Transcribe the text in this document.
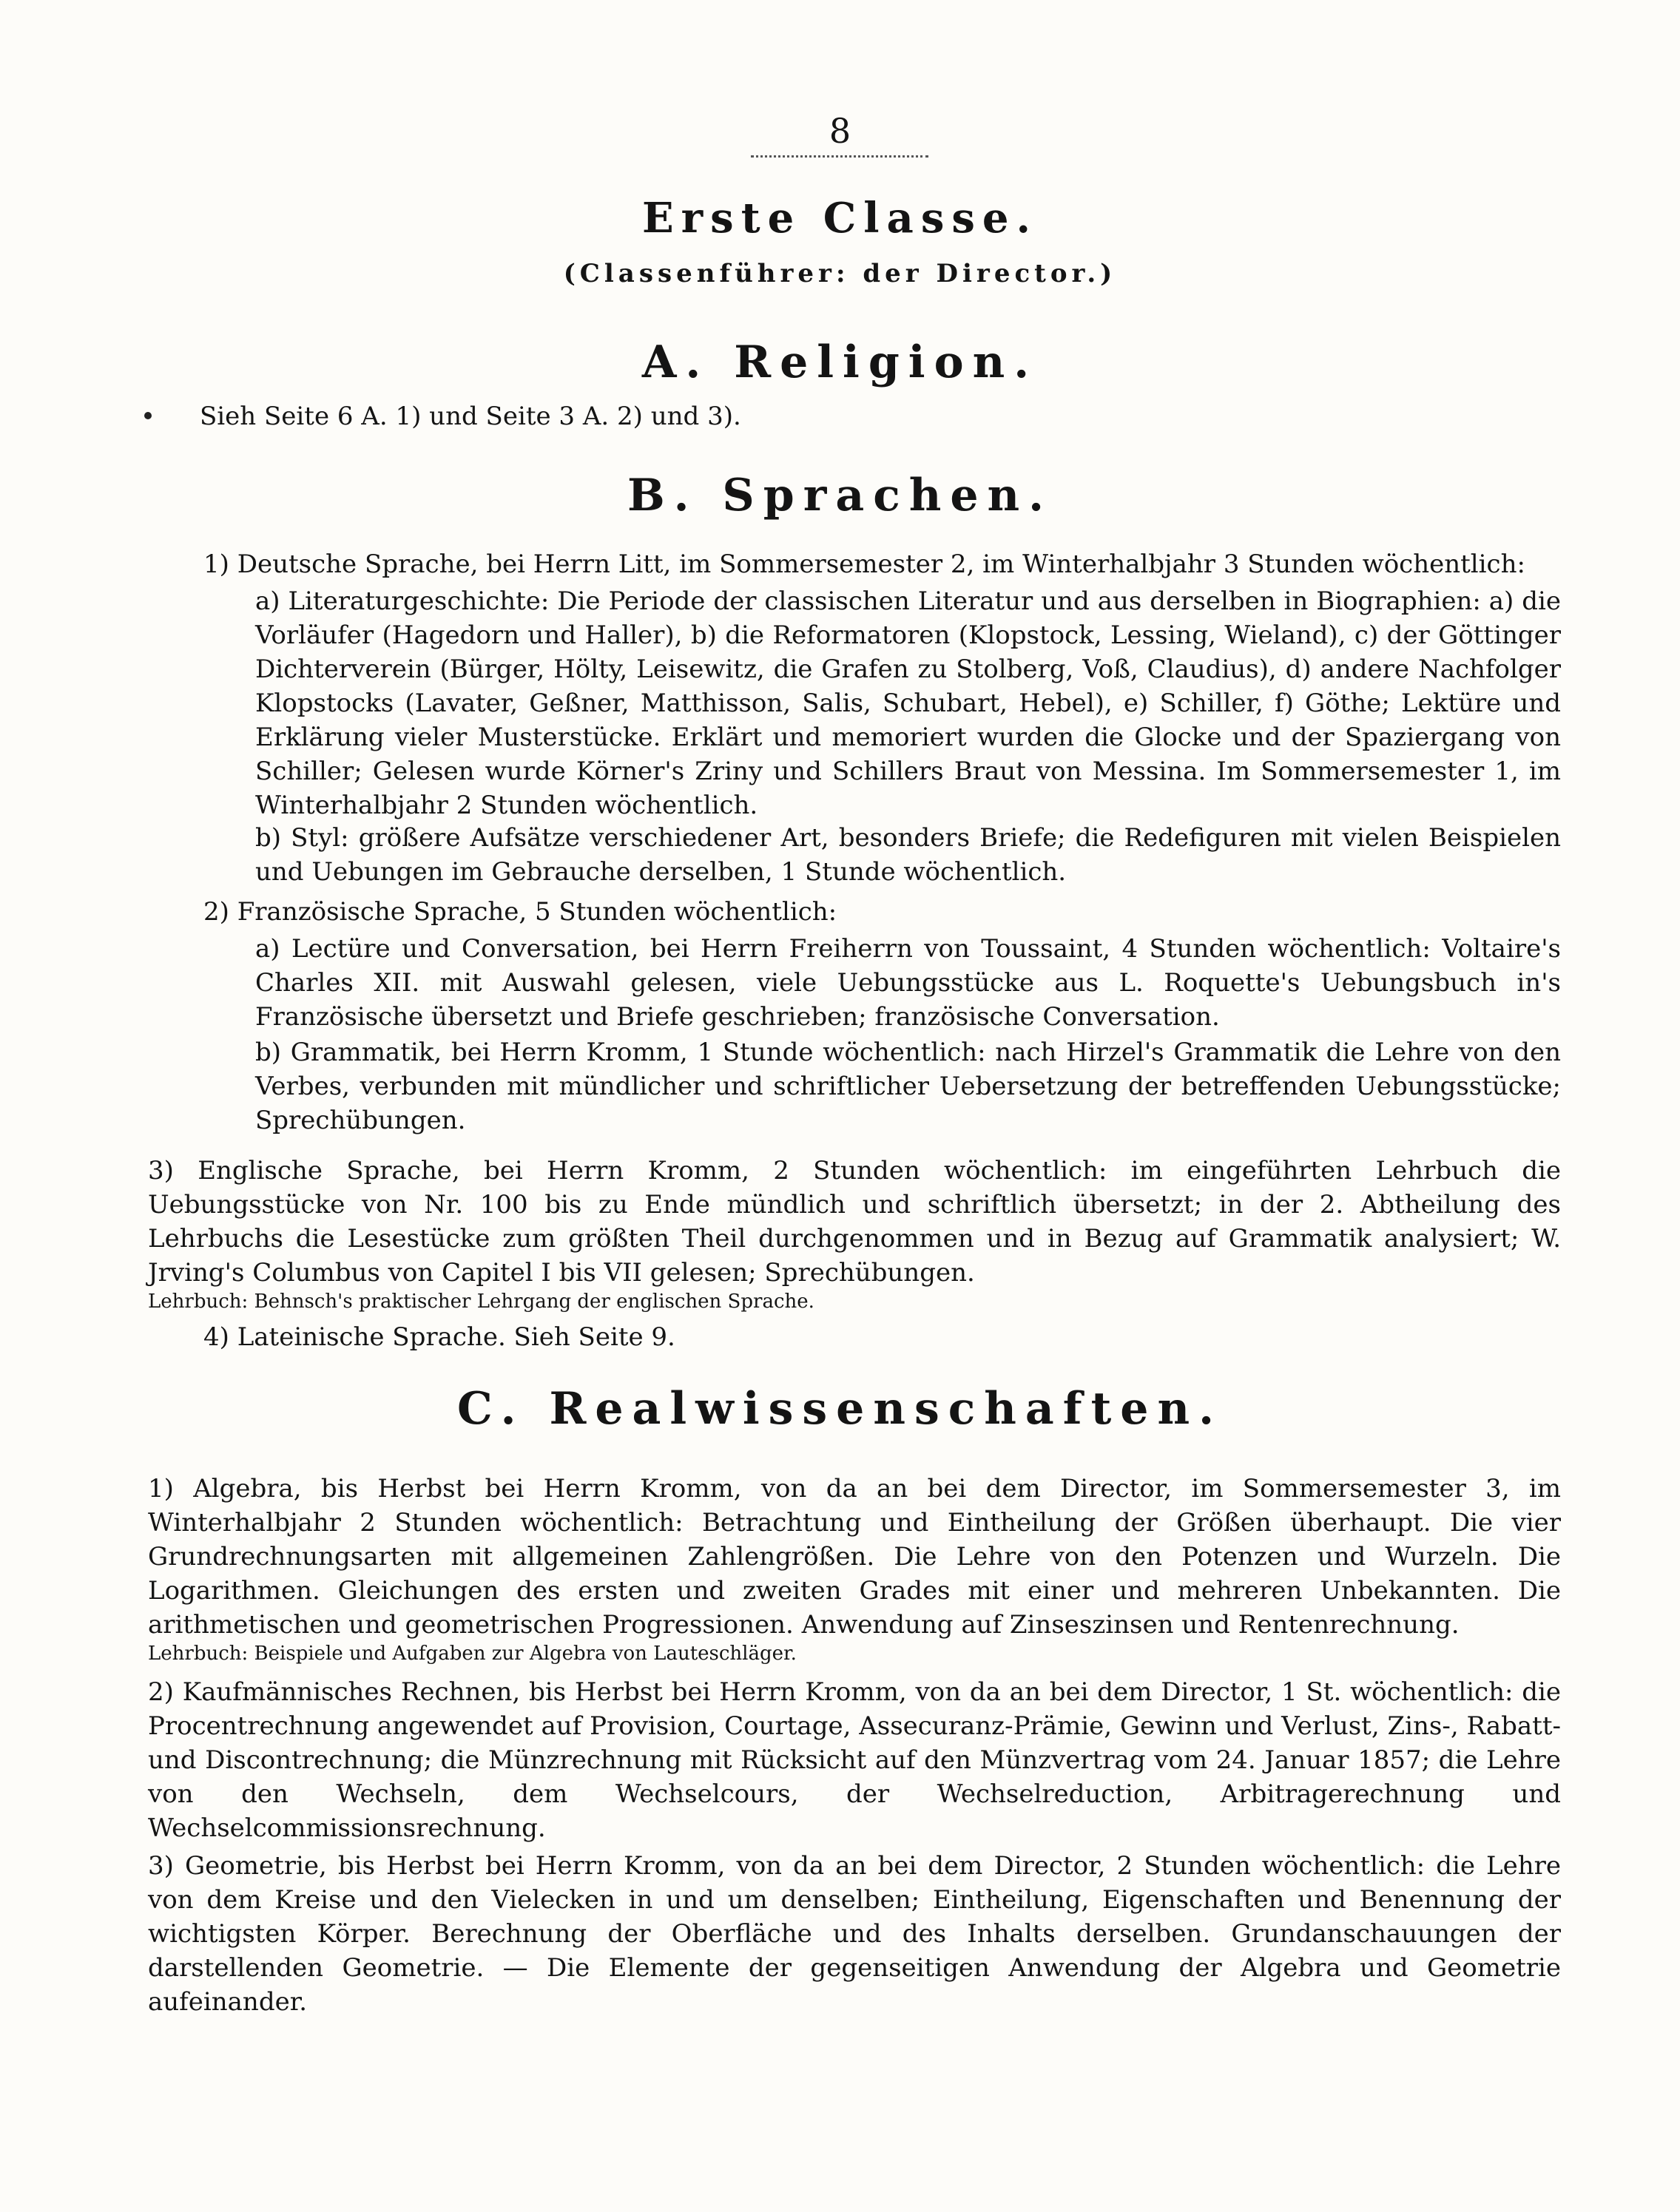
8
Erste Classe.
(Classenführer: der Director.)
A. Religion.
Sieh Seite 6 A. 1) und Seite 3 A. 2) und 3).
B. Sprachen.
1) Deutsche Sprache, bei Herrn Litt, im Sommersemester 2, im Winterhalbjahr 3 Stunden wöchentlich:
a) Literaturgeschichte: Die Periode der classischen Literatur und aus derselben in Biographien: a) die Vorläufer (Hagedorn und Haller), b) die Reformatoren (Klopstock, Lessing, Wieland), c) der Göttinger Dichterverein (Bürger, Hölty, Leisewitz, die Grafen zu Stolberg, Voß, Claudius), d) andere Nachfolger Klopstocks (Lavater, Geßner, Matthisson, Salis, Schubart, Hebel), e) Schiller, f) Göthe; Lektüre und Erklärung vieler Musterstücke. Erklärt und memoriert wurden die Glocke und der Spaziergang von Schiller; Gelesen wurde Körner's Zriny und Schillers Braut von Messina. Im Sommersemester 1, im Winterhalbjahr 2 Stunden wöchentlich.
b) Styl: größere Aufsätze verschiedener Art, besonders Briefe; die Redefiguren mit vielen Beispielen und Uebungen im Gebrauche derselben, 1 Stunde wöchentlich.
2) Französische Sprache, 5 Stunden wöchentlich:
a) Lectüre und Conversation, bei Herrn Freiherrn von Toussaint, 4 Stunden wöchentlich: Voltaire's Charles XII. mit Auswahl gelesen, viele Uebungsstücke aus L. Roquette's Uebungsbuch in's Französische übersetzt und Briefe geschrieben; französische Conversation.
b) Grammatik, bei Herrn Kromm, 1 Stunde wöchentlich: nach Hirzel's Grammatik die Lehre von den Verbes, verbunden mit mündlicher und schriftlicher Uebersetzung der betreffenden Uebungsstücke; Sprechübungen.
3) Englische Sprache, bei Herrn Kromm, 2 Stunden wöchentlich: im eingeführten Lehrbuch die Uebungsstücke von Nr. 100 bis zu Ende mündlich und schriftlich übersetzt; in der 2. Abtheilung des Lehrbuchs die Lesestücke zum größten Theil durchgenommen und in Bezug auf Grammatik analysiert; W. Jrving's Columbus von Capitel I bis VII gelesen; Sprechübungen.
Lehrbuch: Behnsch's praktischer Lehrgang der englischen Sprache.
4) Lateinische Sprache. Sieh Seite 9.
C. Realwissenschaften.
1) Algebra, bis Herbst bei Herrn Kromm, von da an bei dem Director, im Sommersemester 3, im Winterhalbjahr 2 Stunden wöchentlich: Betrachtung und Eintheilung der Größen überhaupt. Die vier Grundrechnungsarten mit allgemeinen Zahlengrößen. Die Lehre von den Potenzen und Wurzeln. Die Logarithmen. Gleichungen des ersten und zweiten Grades mit einer und mehreren Unbekannten. Die arithmetischen und geometrischen Progressionen. Anwendung auf Zinseszinsen und Rentenrechnung.
Lehrbuch: Beispiele und Aufgaben zur Algebra von Lauteschläger.
2) Kaufmännisches Rechnen, bis Herbst bei Herrn Kromm, von da an bei dem Director, 1 St. wöchentlich: die Procentrechnung angewendet auf Provision, Courtage, Assecuranz-Prämie, Gewinn und Verlust, Zins-, Rabatt- und Discontrechnung; die Münzrechnung mit Rücksicht auf den Münzvertrag vom 24. Januar 1857; die Lehre von den Wechseln, dem Wechselcours, der Wechselreduction, Arbitragerechnung und Wechselcommissionsrechnung.
3) Geometrie, bis Herbst bei Herrn Kromm, von da an bei dem Director, 2 Stunden wöchentlich: die Lehre von dem Kreise und den Vielecken in und um denselben; Eintheilung, Eigenschaften und Benennung der wichtigsten Körper. Berechnung der Oberfläche und des Inhalts derselben. Grundanschauungen der darstellenden Geometrie. — Die Elemente der gegenseitigen Anwendung der Algebra und Geometrie aufeinander.
